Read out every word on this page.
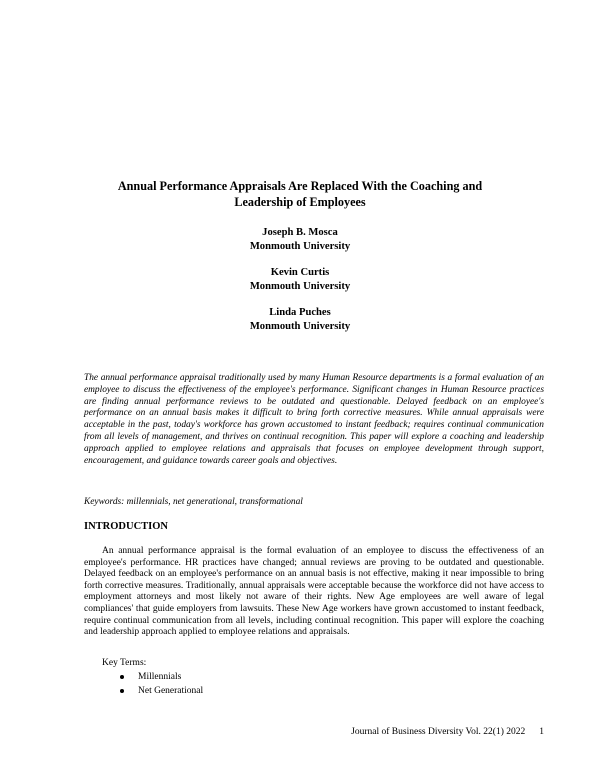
Annual Performance Appraisals Are Replaced With the Coaching and Leadership of Employees
Joseph B. Mosca
Monmouth University
Kevin Curtis
Monmouth University
Linda Puches
Monmouth University

The annual performance appraisal traditionally used by many Human Resource departments is a formal evaluation of an employee to discuss the effectiveness of the employee's performance. Significant changes in Human Resource practices are finding annual performance reviews to be outdated and questionable. Delayed feedback on an employee's performance on an annual basis makes it difficult to bring forth corrective measures. While annual appraisals were acceptable in the past, today's workforce has grown accustomed to instant feedback; requires continual communication from all levels of management, and thrives on continual recognition. This paper will explore a coaching and leadership approach applied to employee relations and appraisals that focuses on employee development through support, encouragement, and guidance towards career goals and objectives.

Keywords: millennials, net generational, transformational
INTRODUCTION

An annual performance appraisal is the formal evaluation of an employee to discuss the effectiveness of an employee's performance. HR practices have changed; annual reviews are proving to be outdated and questionable. Delayed feedback on an employee's performance on an annual basis is not effective, making it near impossible to bring forth corrective measures. Traditionally, annual appraisals were acceptable because the workforce did not have access to employment attorneys and most likely not aware of their rights. New Age employees are well aware of legal compliances' that guide employers from lawsuits. These New Age workers have grown accustomed to instant feedback, require continual communication from all levels, including continual recognition. This paper will explore the coaching and leadership approach applied to employee relations and appraisals.

Key Terms:
Millennials
Net Generational
Journal of Business Diversity Vol. 22(1) 2022 1
